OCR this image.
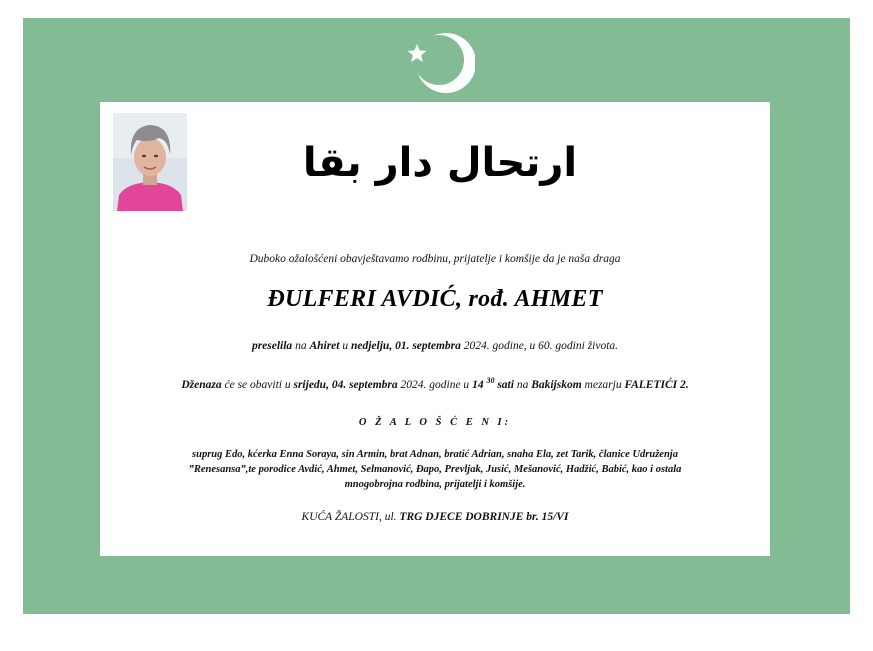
ارتحال دار بقا
Duboko ožalošćeni obavještavamo rodbinu, prijatelje i komšije da je naša draga
ĐULFERI AVDIĆ, rođ. AHMET
preselila na Ahiret u nedjelju, 01. septembra 2024. godine, u 60. godini života.
Dženaza će se obaviti u srijedu, 04. septembra 2024. godine u 14 $^{30}$ sati na Bakijskom mezarju FALETIĆI 2.
O Ž A L O Š Ć E N I:
suprug Edo, kćerka Enna Soraya, sin Armin, brat Adnan, bratić Adrian, snaha Ela, zet Tarik, članice Udruženja
”Renesansa”,te porodice Avdić, Ahmet, Selmanović, Đapo, Prevljak, Jusić, Mešanović, Hadžić, Babić, kao i ostala
mnogobrojna rodbina, prijatelji i komšije.
KUĆA ŽALOSTI, ul. TRG DJECE DOBRINJE br. 15/VI
